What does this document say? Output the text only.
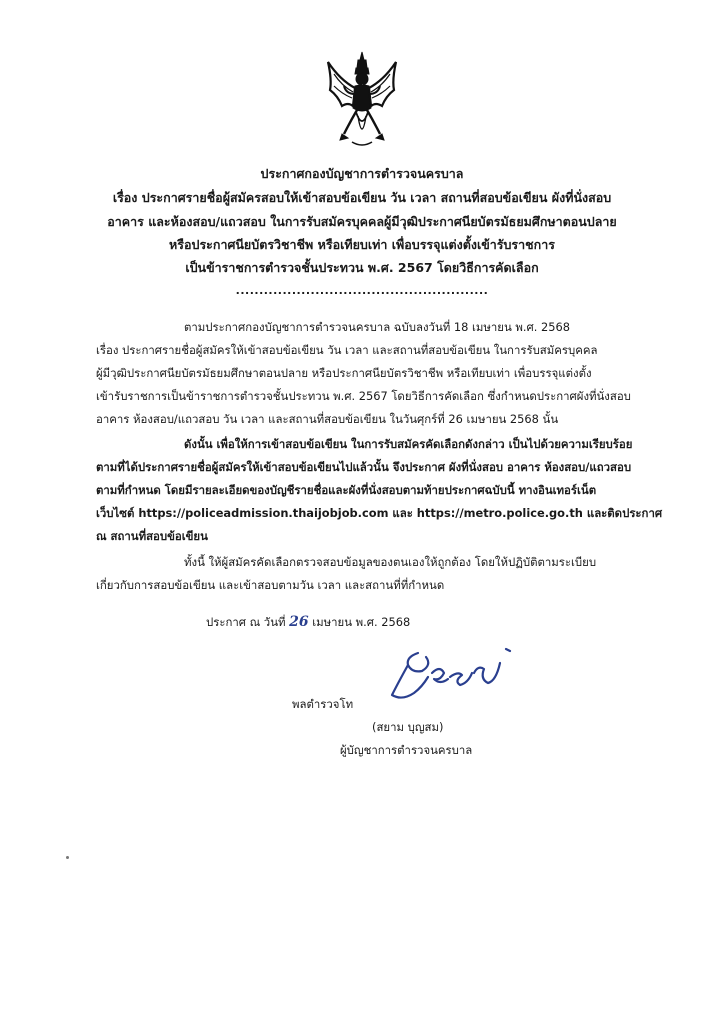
ประกาศกองบัญชาการตำรวจนครบาล
เรื่อง ประกาศรายชื่อผู้สมัครสอบให้เข้าสอบข้อเขียน วัน เวลา สถานที่สอบข้อเขียน ผังที่นั่งสอบ
อาคาร และห้องสอบ/แถวสอบ ในการรับสมัครบุคคลผู้มีวุฒิประกาศนียบัตรมัธยมศึกษาตอนปลาย
หรือประกาศนียบัตรวิชาชีพ หรือเทียบเท่า เพื่อบรรจุแต่งตั้งเข้ารับราชการ
เป็นข้าราชการตำรวจชั้นประทวน พ.ศ. 2567 โดยวิธีการคัดเลือก
......................................................
ตามประกาศกองบัญชาการตำรวจนครบาล ฉบับลงวันที่ 18 เมษายน พ.ศ. 2568
เรื่อง ประกาศรายชื่อผู้สมัครให้เข้าสอบข้อเขียน วัน เวลา และสถานที่สอบข้อเขียน ในการรับสมัครบุคคล
ผู้มีวุฒิประกาศนียบัตรมัธยมศึกษาตอนปลาย หรือประกาศนียบัตรวิชาชีพ หรือเทียบเท่า เพื่อบรรจุแต่งตั้ง
เข้ารับราชการเป็นข้าราชการตำรวจชั้นประทวน พ.ศ. 2567 โดยวิธีการคัดเลือก ซึ่งกำหนดประกาศผังที่นั่งสอบ
อาคาร ห้องสอบ/แถวสอบ วัน เวลา และสถานที่สอบข้อเขียน ในวันศุกร์ที่ 26 เมษายน 2568 นั้น
ดังนั้น เพื่อให้การเข้าสอบข้อเขียน ในการรับสมัครคัดเลือกดังกล่าว เป็นไปด้วยความเรียบร้อย
ตามที่ได้ประกาศรายชื่อผู้สมัครให้เข้าสอบข้อเขียนไปแล้วนั้น จึงประกาศ ผังที่นั่งสอบ อาคาร ห้องสอบ/แถวสอบ
ตามที่กำหนด โดยมีรายละเอียดของบัญชีรายชื่อและผังที่นั่งสอบตามท้ายประกาศฉบับนี้ ทางอินเทอร์เน็ต
เว็บไซต์ https://policeadmission.thaijobjob.com และ https://metro.police.go.th และติดประกาศ
ณ สถานที่สอบข้อเขียน
ทั้งนี้ ให้ผู้สมัครคัดเลือกตรวจสอบข้อมูลของตนเองให้ถูกต้อง โดยให้ปฏิบัติตามระเบียบ
เกี่ยวกับการสอบข้อเขียน และเข้าสอบตามวัน เวลา และสถานที่ที่กำหนด
ประกาศ ณ วันที่ 26 เมษายน พ.ศ. 2568
พลตำรวจโท
(สยาม บุญสม)
ผู้บัญชาการตำรวจนครบาล
